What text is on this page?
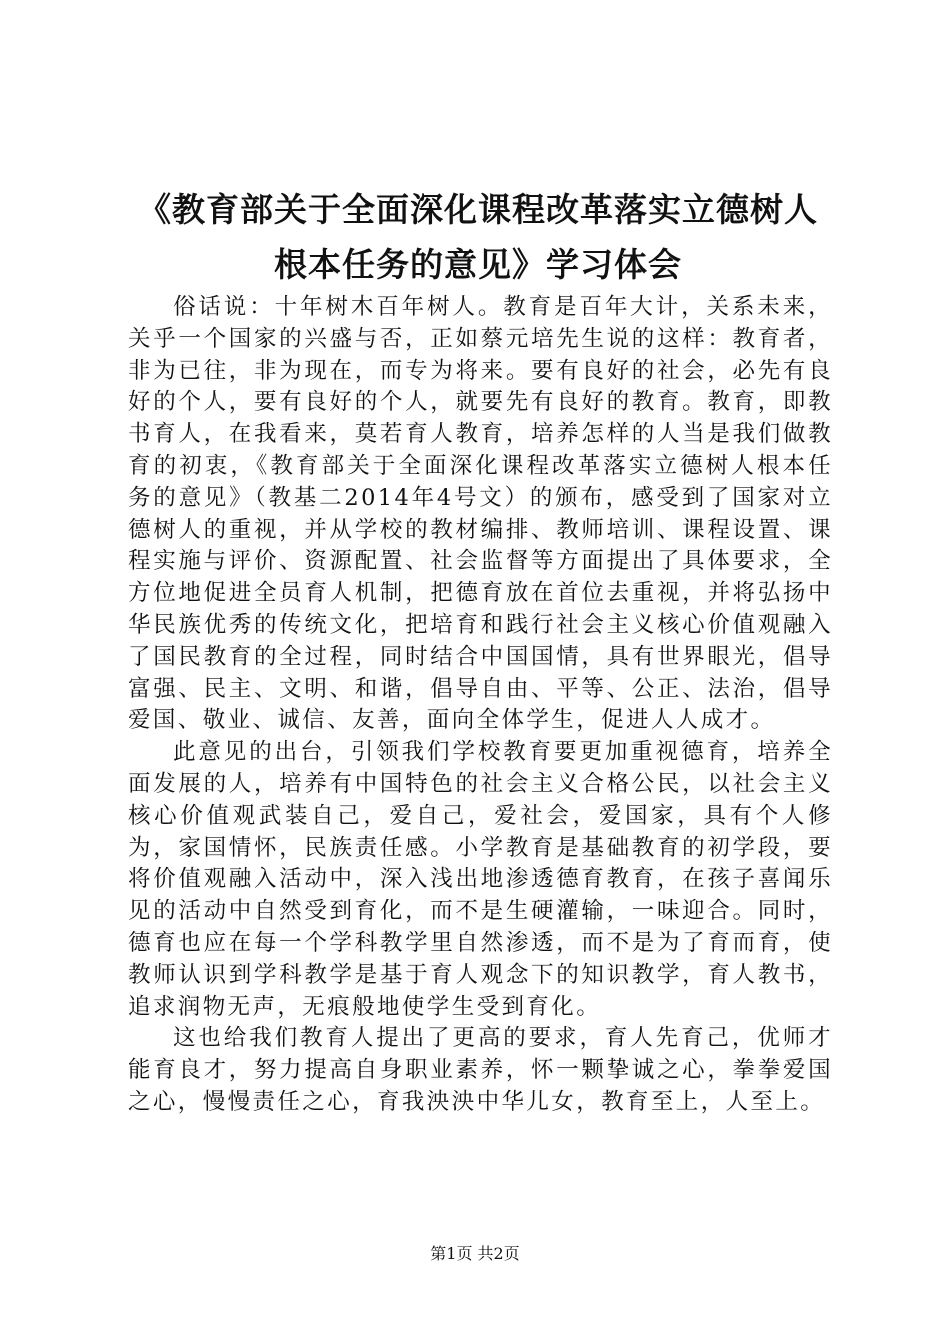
《教育部关于全面深化课程改革落实立德树人
根本任务的意见》学习体会

俗话说：十年树木百年树人。教育是百年大计，关系未来，关乎一个国家的兴盛与否，正如蔡元培先生说的这样：教育者，非为已往，非为现在，而专为将来。要有良好的社会，必先有良好的个人，要有良好的个人，就要先有良好的教育。教育，即教书育人，在我看来，莫若育人教育，培养怎样的人当是我们做教育的初衷，《教育部关于全面深化课程改革落实立德树人根本任务的意见》（教基二2014年4号文）的颁布，感受到了国家对立德树人的重视，并从学校的教材编排、教师培训、课程设置、课程实施与评价、资源配置、社会监督等方面提出了具体要求，全方位地促进全员育人机制，把德育放在首位去重视，并将弘扬中华民族优秀的传统文化，把培育和践行社会主义核心价值观融入了国民教育的全过程，同时结合中国国情，具有世界眼光，倡导富强、民主、文明、和谐，倡导自由、平等、公正、法治，倡导爱国、敬业、诚信、友善，面向全体学生，促进人人成才。

此意见的出台，引领我们学校教育要更加重视德育，培养全面发展的人，培养有中国特色的社会主义合格公民，以社会主义核心价值观武装自己，爱自己，爱社会，爱国家，具有个人修为，家国情怀，民族责任感。小学教育是基础教育的初学段，要将价值观融入活动中，深入浅出地渗透德育教育，在孩子喜闻乐见的活动中自然受到育化，而不是生硬灌输，一味迎合。同时，德育也应在每一个学科教学里自然渗透，而不是为了育而育，使教师认识到学科教学是基于育人观念下的知识教学，育人教书，追求润物无声，无痕般地使学生受到育化。

这也给我们教育人提出了更高的要求，育人先育己，优师才能育良才，努力提高自身职业素养，怀一颗挚诚之心，拳拳爱国之心，慢慢责任之心，育我泱泱中华儿女，教育至上，人至上。

第1页 共2页
